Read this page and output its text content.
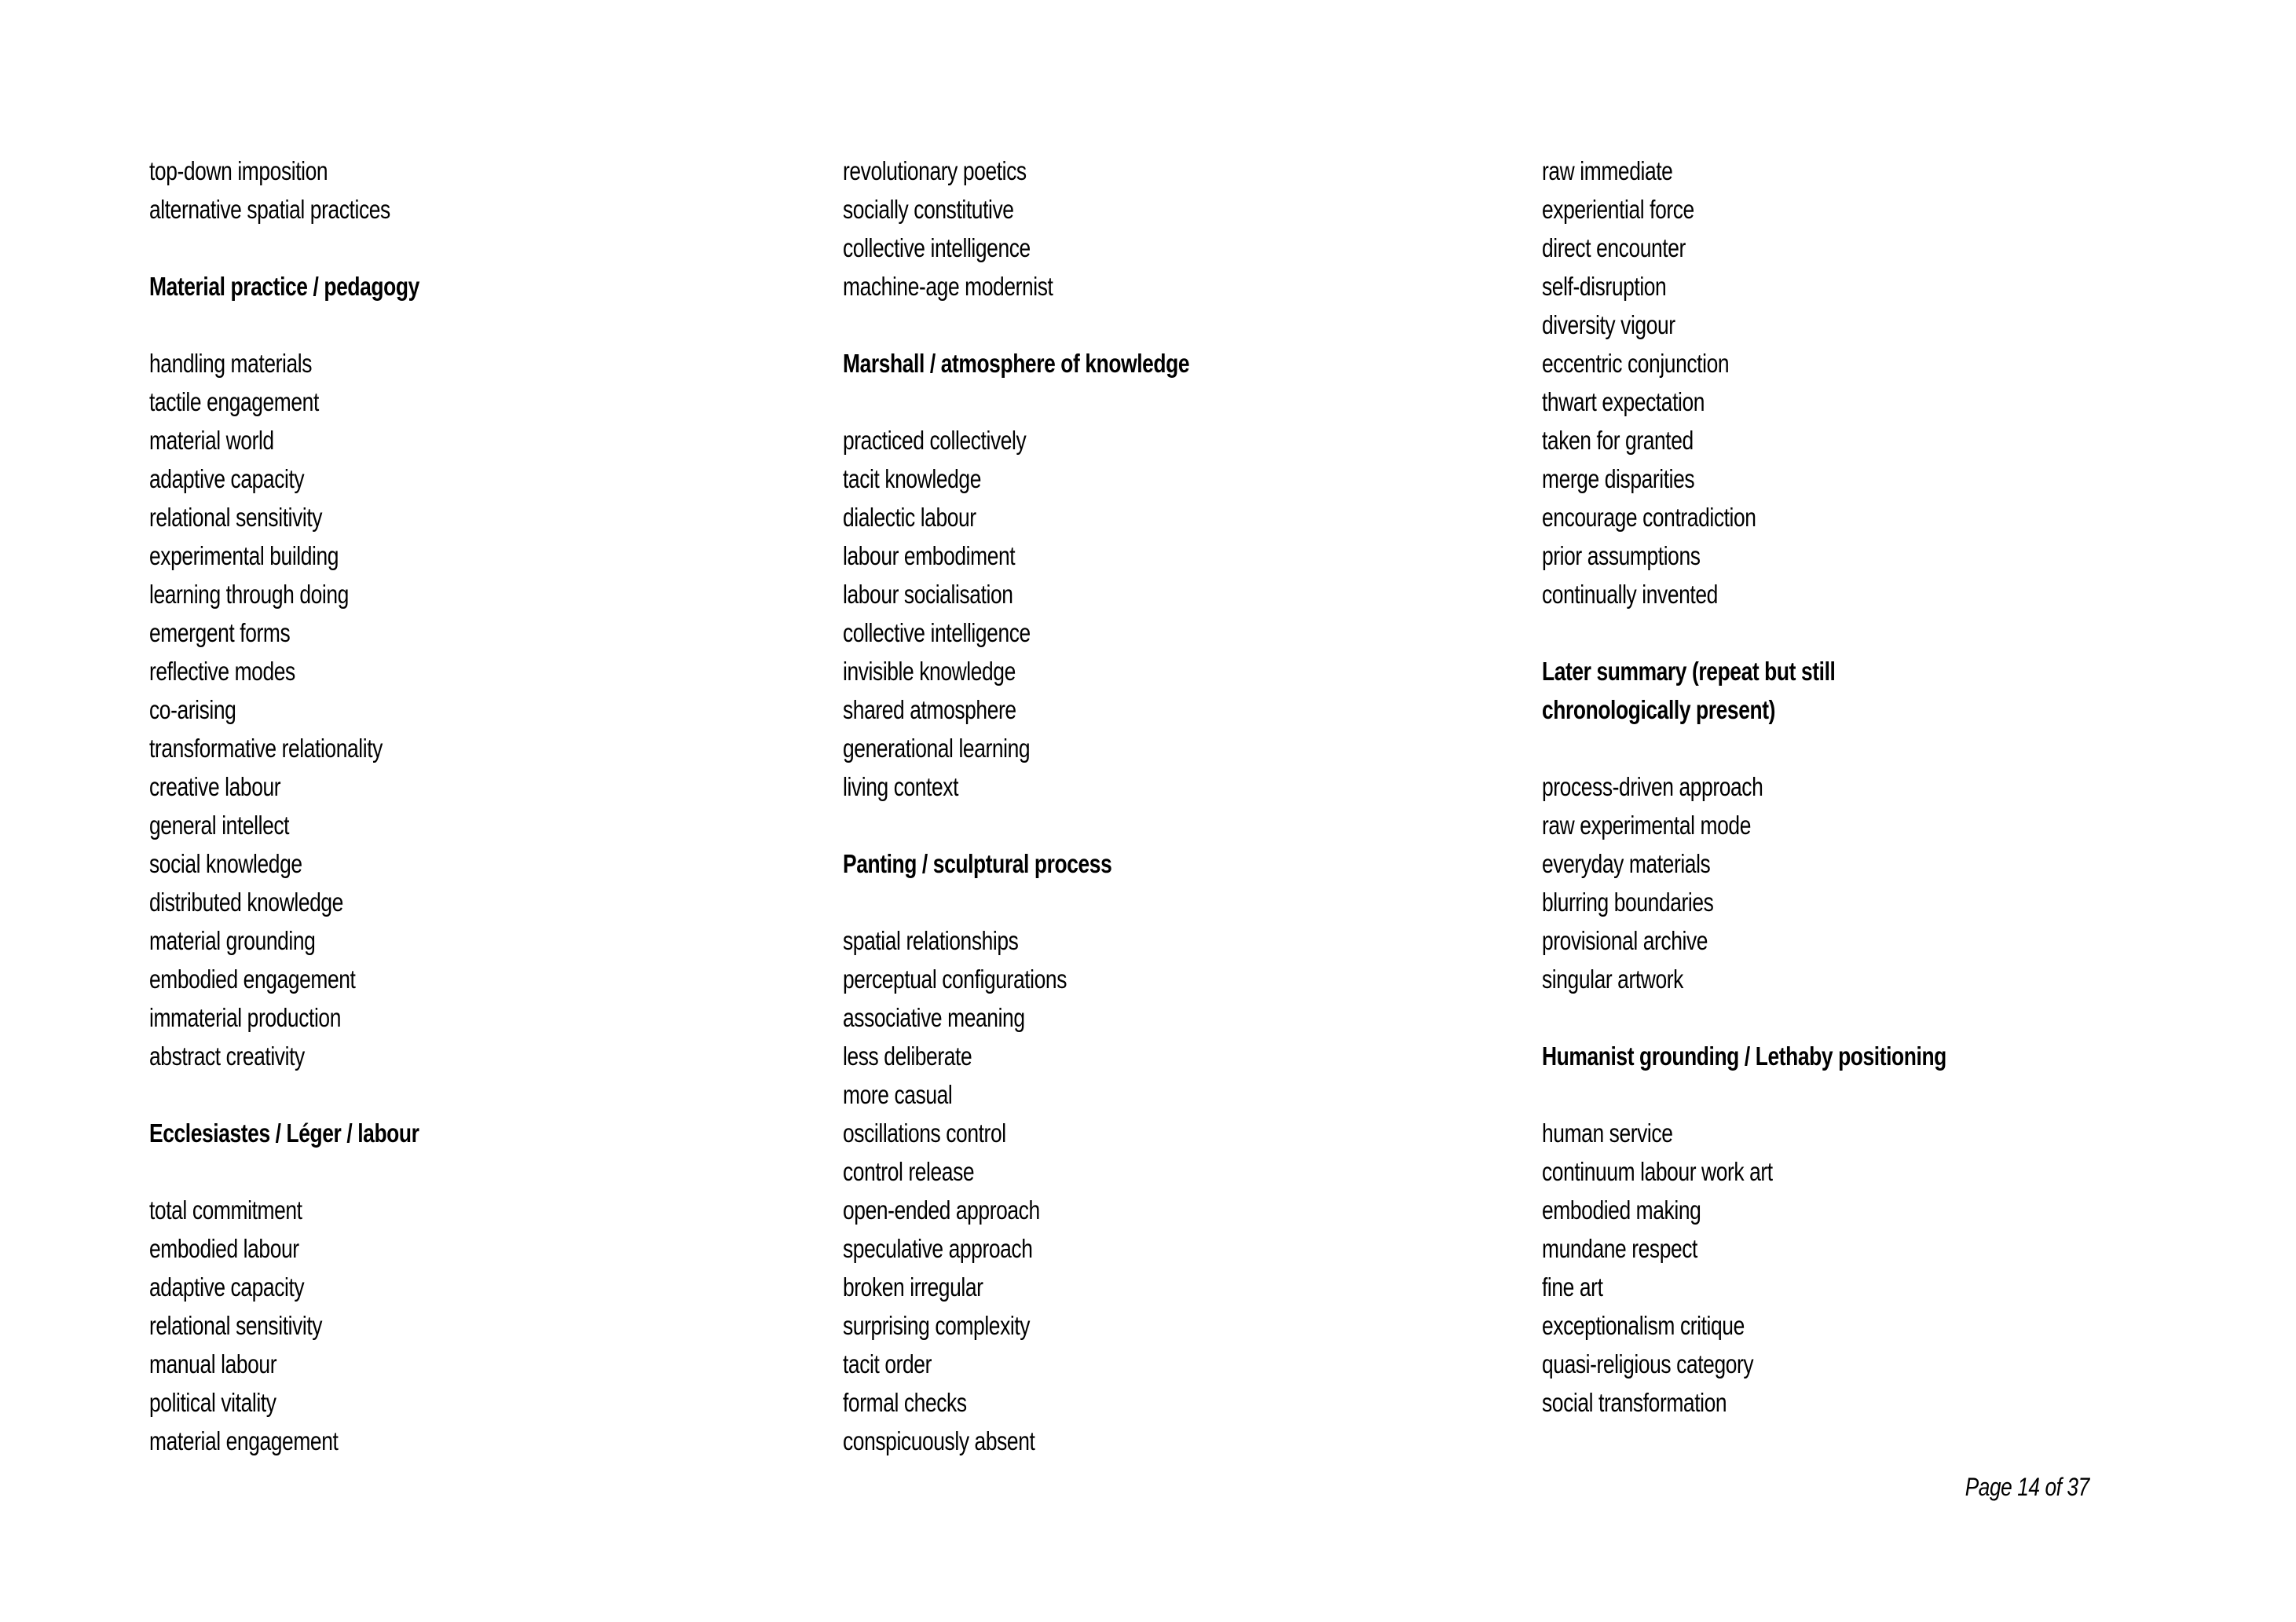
top-down imposition
alternative spatial practices

Material practice / pedagogy

handling materials
tactile engagement
material world
adaptive capacity
relational sensitivity
experimental building
learning through doing
emergent forms
reflective modes
co-arising
transformative relationality
creative labour
general intellect
social knowledge
distributed knowledge
material grounding
embodied engagement
immaterial production
abstract creativity

Ecclesiastes / Léger / labour

total commitment
embodied labour
adaptive capacity
relational sensitivity
manual labour
political vitality
material engagement
revolutionary poetics
socially constitutive
collective intelligence
machine-age modernist

Marshall / atmosphere of knowledge

practiced collectively
tacit knowledge
dialectic labour
labour embodiment
labour socialisation
collective intelligence
invisible knowledge
shared atmosphere
generational learning
living context

Panting / sculptural process

spatial relationships
perceptual configurations
associative meaning
less deliberate
more casual
oscillations control
control release
open-ended approach
speculative approach
broken irregular
surprising complexity
tacit order
formal checks
conspicuously absent
raw immediate
experiential force
direct encounter
self-disruption
diversity vigour
eccentric conjunction
thwart expectation
taken for granted
merge disparities
encourage contradiction
prior assumptions
continually invented

Later summary (repeat but still
chronologically present)

process-driven approach
raw experimental mode
everyday materials
blurring boundaries
provisional archive
singular artwork

Humanist grounding / Lethaby positioning

human service
continuum labour work art
embodied making
mundane respect
fine art
exceptionalism critique
quasi-religious category
social transformation
Page 14 of 37
